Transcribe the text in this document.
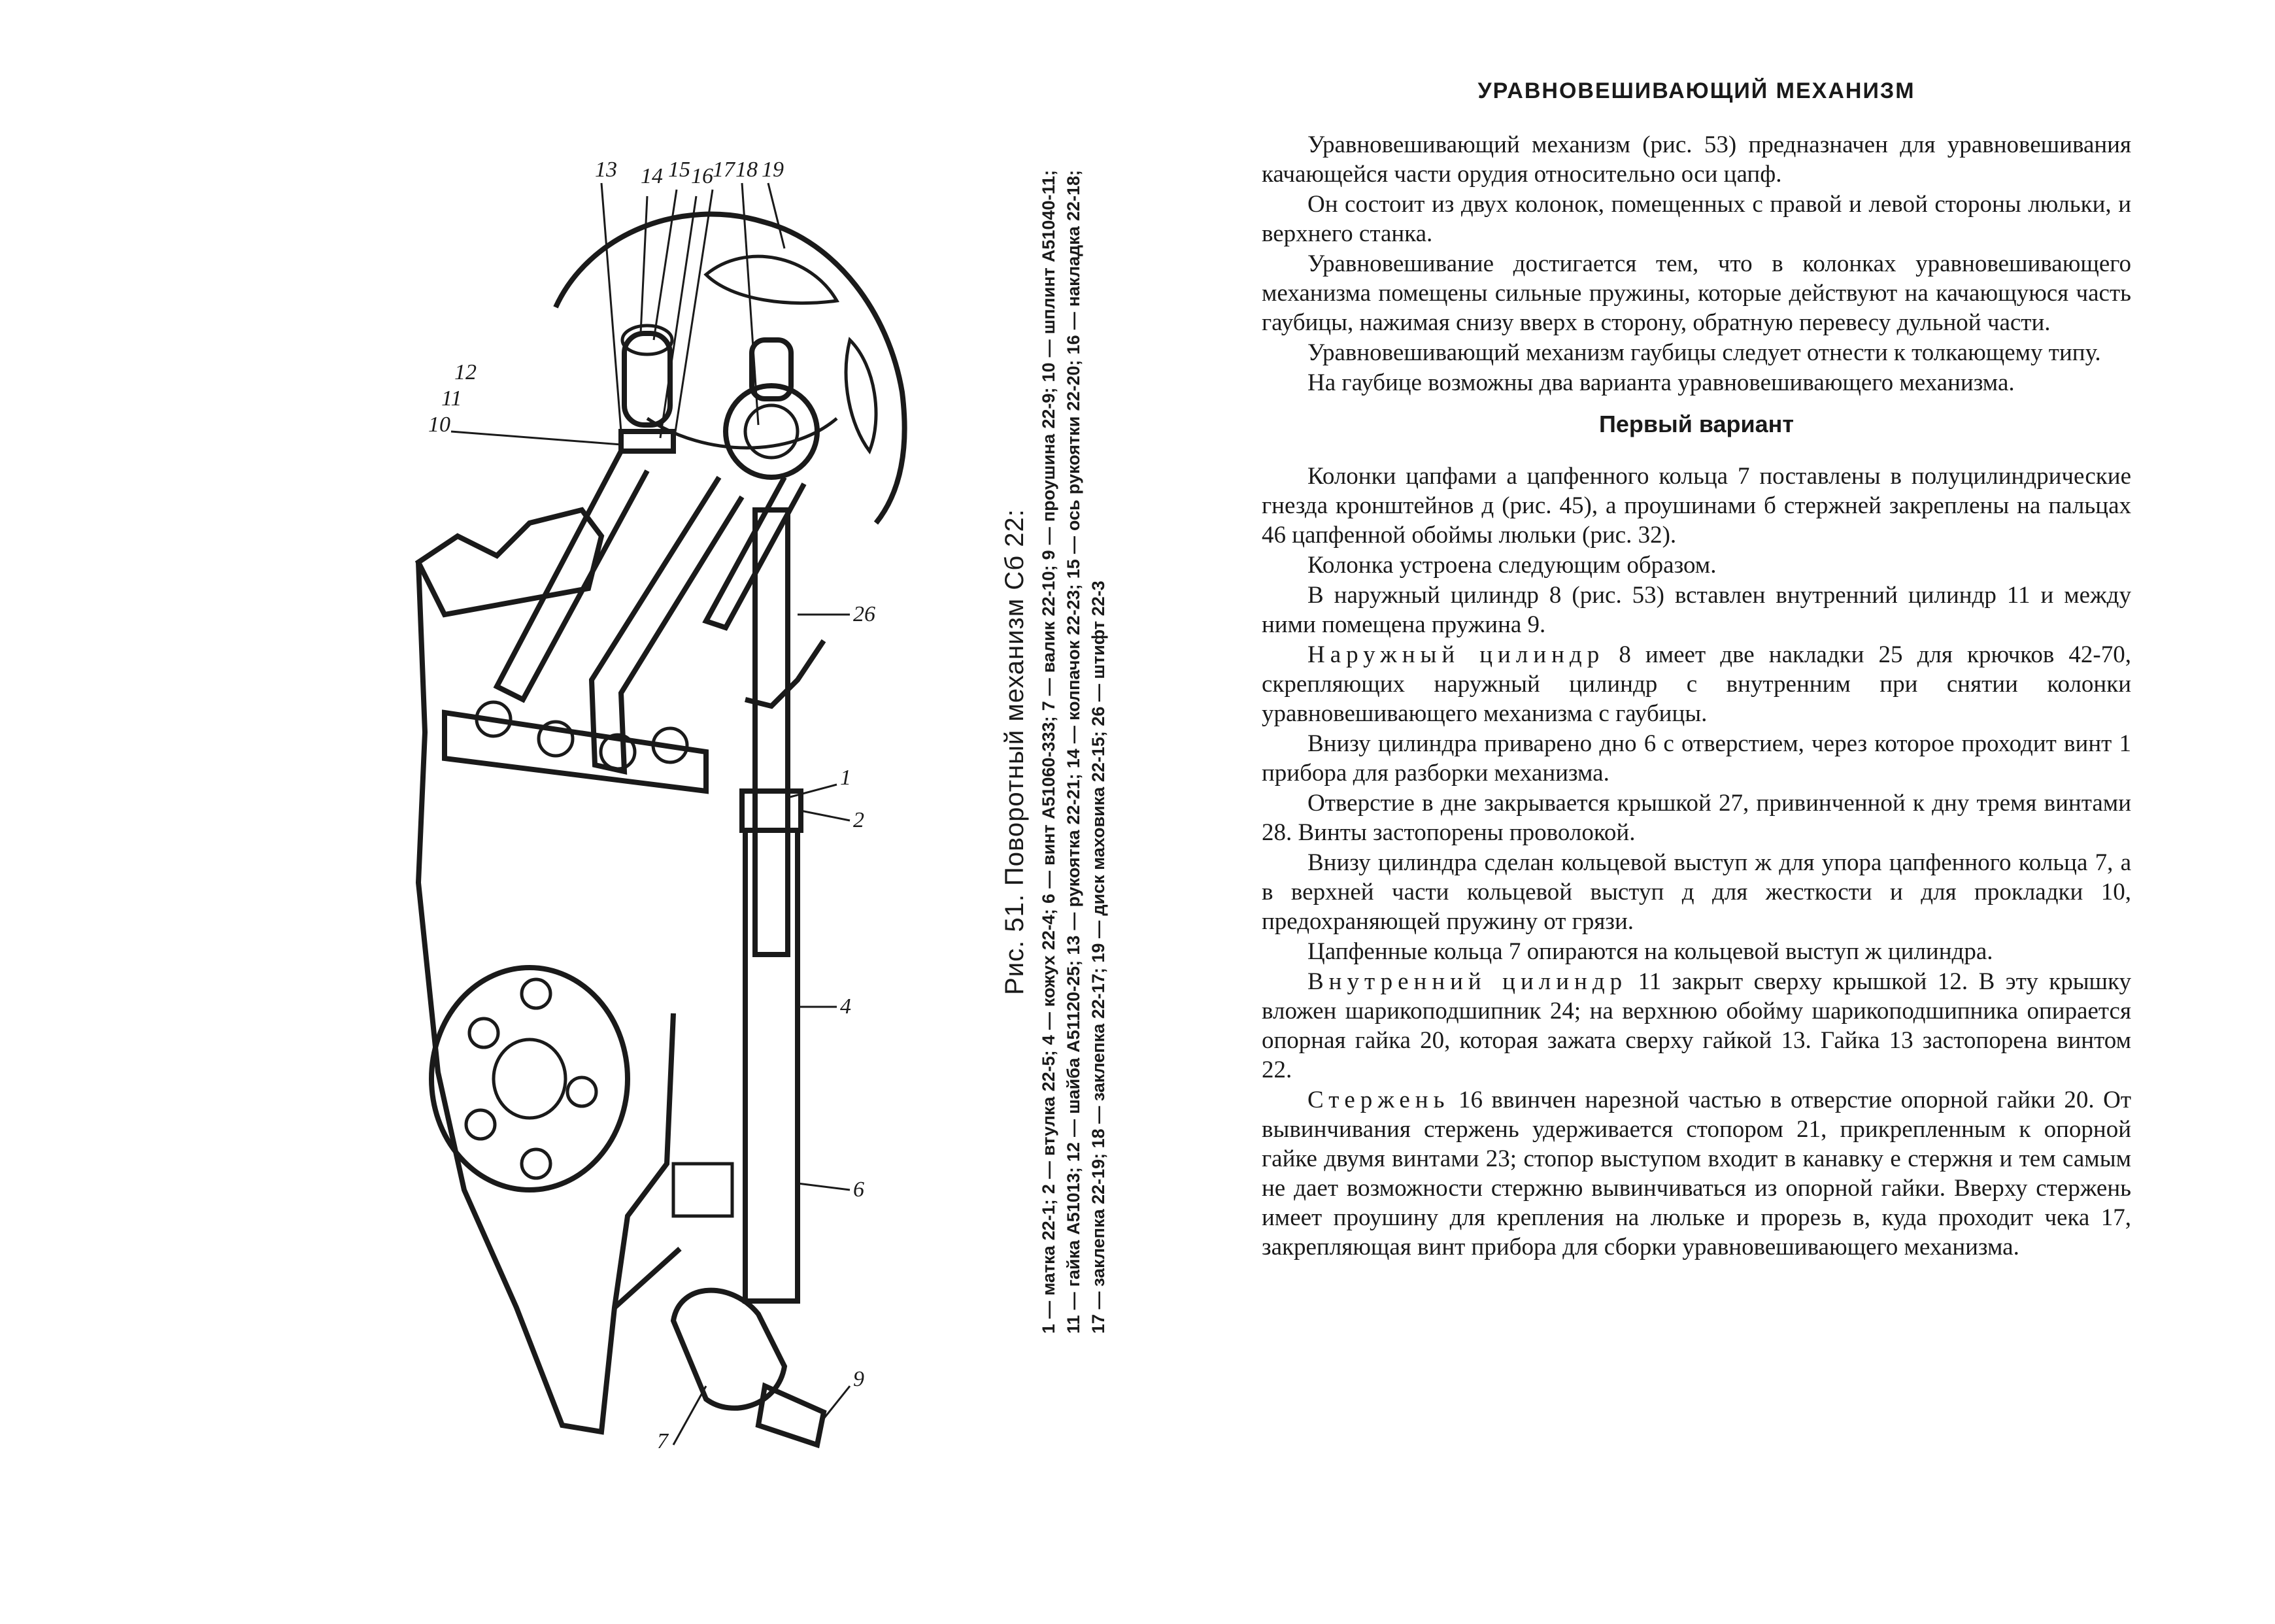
13 14 15 16 17 18 19
10
11
12
26
1
2
4
6
9
7

Рис. 51. Поворотный механизм Сб 22: 1 — матка 22-1; 2 — втулка 22-5; 4 — кожух 22-4; 6 — винт А51060-333; 7 — валик 22-10; 9 — проушина 22-9; 10 — шплинт А51040-11; 11 — гайка А51013; 12 — шайба А51120-25; 13 — рукоятка 22-21; 14 — колпачок 22-23; 15 — ось рукоятки 22-20; 16 — накладка 22-18; 17 — заклепка 22-19; 18 — заклепка 22-17; 19 — диск маховика 22-15; 26 — штифт 22-3

УРАВНОВЕШИВАЮЩИЙ МЕХАНИЗМ

Уравновешивающий механизм (рис. 53) предназначен для уравновешивания качающейся части орудия относительно оси цапф.

Он состоит из двух колонок, помещенных с правой и левой стороны люльки, и верхнего станка.

Уравновешивание достигается тем, что в колонках уравновешивающего механизма помещены сильные пружины, которые действуют на качающуюся часть гаубицы, нажимая снизу вверх в сторону, обратную перевесу дульной части.

Уравновешивающий механизм гаубицы следует отнести к толкающему типу.

На гаубице возможны два варианта уравновешивающего механизма.

Первый вариант

Колонки цапфами а цапфенного кольца 7 поставлены в полуцилиндрические гнезда кронштейнов д (рис. 45), а проушинами б стержней закреплены на пальцах 46 цапфенной обоймы люльки (рис. 32).

Колонка устроена следующим образом.

В наружный цилиндр 8 (рис. 53) вставлен внутренний цилиндр 11 и между ними помещена пружина 9.

Наружный цилиндр 8 имеет две накладки 25 для крючков 42-70, скрепляющих наружный цилиндр с внутренним при снятии колонки уравновешивающего механизма с гаубицы.

Внизу цилиндра приварено дно 6 с отверстием, через которое проходит винт 1 прибора для разборки механизма.

Отверстие в дне закрывается крышкой 27, привинченной к дну тремя винтами 28. Винты застопорены проволокой.

Внизу цилиндра сделан кольцевой выступ ж для упора цапфенного кольца 7, а в верхней части кольцевой выступ д для жесткости и для прокладки 10, предохраняющей пружину от грязи.

Цапфенные кольца 7 опираются на кольцевой выступ ж цилиндра.

Внутренний цилиндр 11 закрыт сверху крышкой 12. В эту крышку вложен шарикоподшипник 24; на верхнюю обойму шарикоподшипника опирается опорная гайка 20, которая зажата сверху гайкой 13. Гайка 13 застопорена винтом 22.

Стержень 16 ввинчен нарезной частью в отверстие опорной гайки 20. От вывинчивания стержень удерживается стопором 21, прикрепленным к опорной гайке двумя винтами 23; стопор выступом входит в канавку е стержня и тем самым не дает возможности стержню вывинчиваться из опорной гайки. Вверху стержень имеет проушину для крепления на люльке и прорезь в, куда проходит чека 17, закрепляющая винт прибора для сборки уравновешивающего механизма.
